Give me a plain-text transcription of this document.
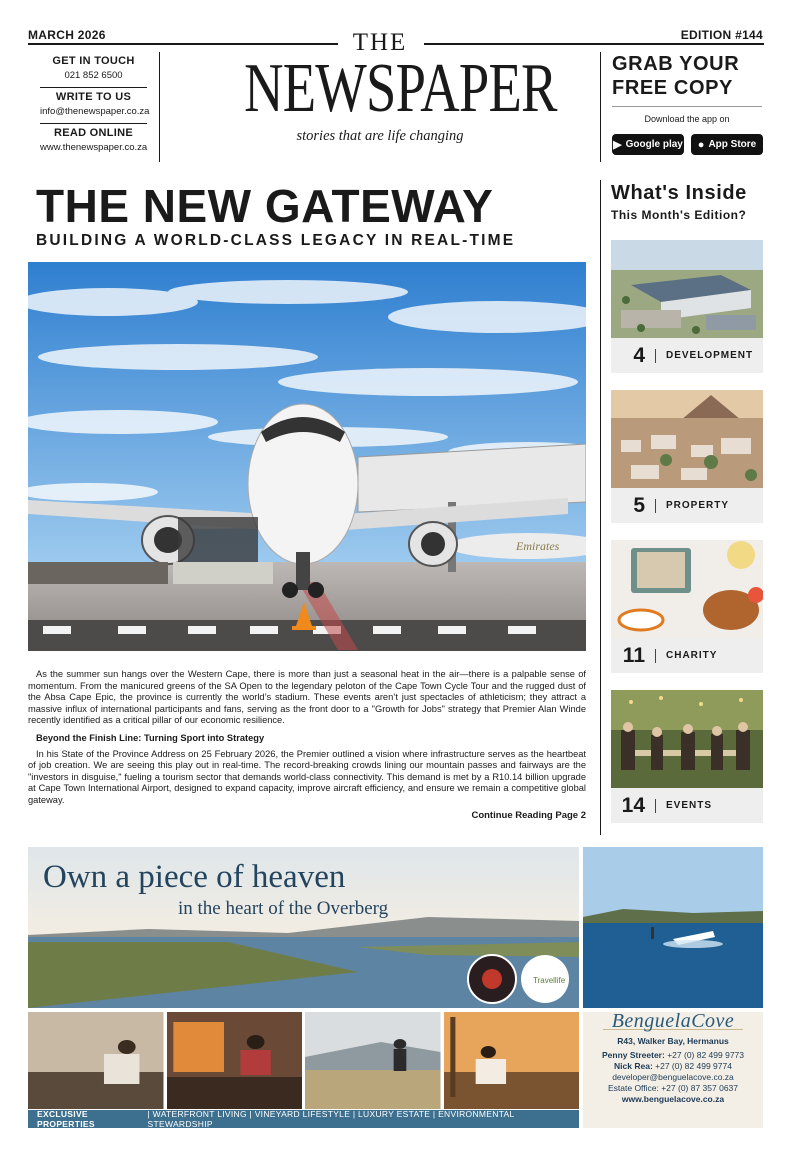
MARCH 2026	EDITION #144
GET IN TOUCH
021 852 6500
WRITE TO US
info@thenewspaper.co.za
READ ONLINE
www.thenewspaper.co.za
THE
NEWSPAPER
stories that are life changing
GRAB YOUR
FREE COPY
Download the app on
▶ Google play ● App Store
THE NEW GATEWAY
BUILDING A WORLD-CLASS LEGACY IN REAL-TIME
Emirates

As the summer sun hangs over the Western Cape, there is more than just a seasonal heat in the air—there is a palpable sense of momentum. From the manicured greens of the SA Open to the legendary peloton of the Cape Town Cycle Tour and the rugged dust of the Absa Cape Epic, the province is currently the world’s stadium. These events aren’t just spectacles of athleticism; they attract a massive influx of international participants and fans, serving as the front door to a "Growth for Jobs" strategy that Premier Alan Winde recently identified as a critical pillar of our economic resilience.

Beyond the Finish Line: Turning Sport into Strategy

In his State of the Province Address on 25 February 2026, the Premier outlined a vision where infrastructure serves as the heartbeat of job creation. We are seeing this play out in real-time. The record-breaking crowds lining our mountain passes and fairways are the "investors in disguise," fueling a tourism sector that demands world-class connectivity. This demand is met by a R10.14 billion upgrade at Cape Town International Airport, designed to expand capacity, improve aircraft efficiency, and ensure we remain a competitive global gateway.

Continue Reading Page 2
What's Inside
This Month's Edition?
4	DEVELOPMENT
5	PROPERTY
11	CHARITY
14	EVENTS
Own a piece of heaven
in the heart of the Overberg
Travellife
EXCLUSIVE PROPERTIES
| WATERFRONT LIVING | VINEYARD LIFESTYLE | LUXURY ESTATE | ENVIRONMENTAL STEWARDSHIP
BenguelaCove
R43, Walker Bay, Hermanus
Penny Streeter: +27 (0) 82 499 9773
Nick Rea: +27 (0) 82 499 9774
developer@benguelacove.co.za
Estate Office: +27 (0) 87 357 0637
www.benguelacove.co.za
